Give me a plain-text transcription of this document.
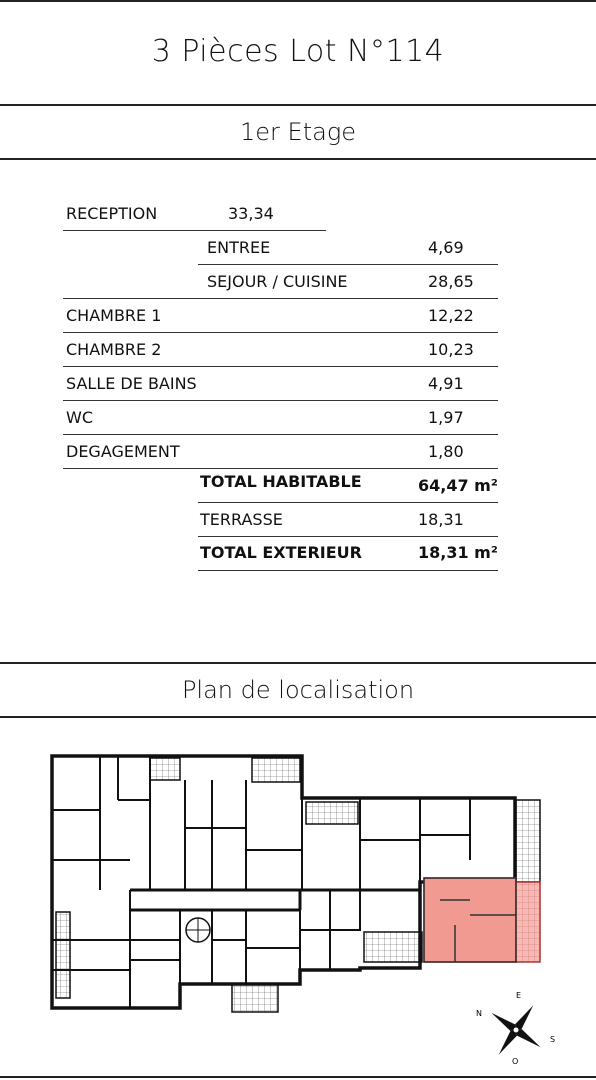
3 Pièces Lot N°114
1er Etage
RECEPTION	33,34
ENTREE	4,69
SEJOUR / CUISINE	28,65
CHAMBRE 1	12,22
CHAMBRE 2	10,23
SALLE DE BAINS	4,91
WC	1,97
DEGAGEMENT	1,80
TOTAL HABITABLE	64,47 m²
TERRASSE	18,31
TOTAL EXTERIEUR	18,31 m²
Plan de localisation
N
E
S
O
